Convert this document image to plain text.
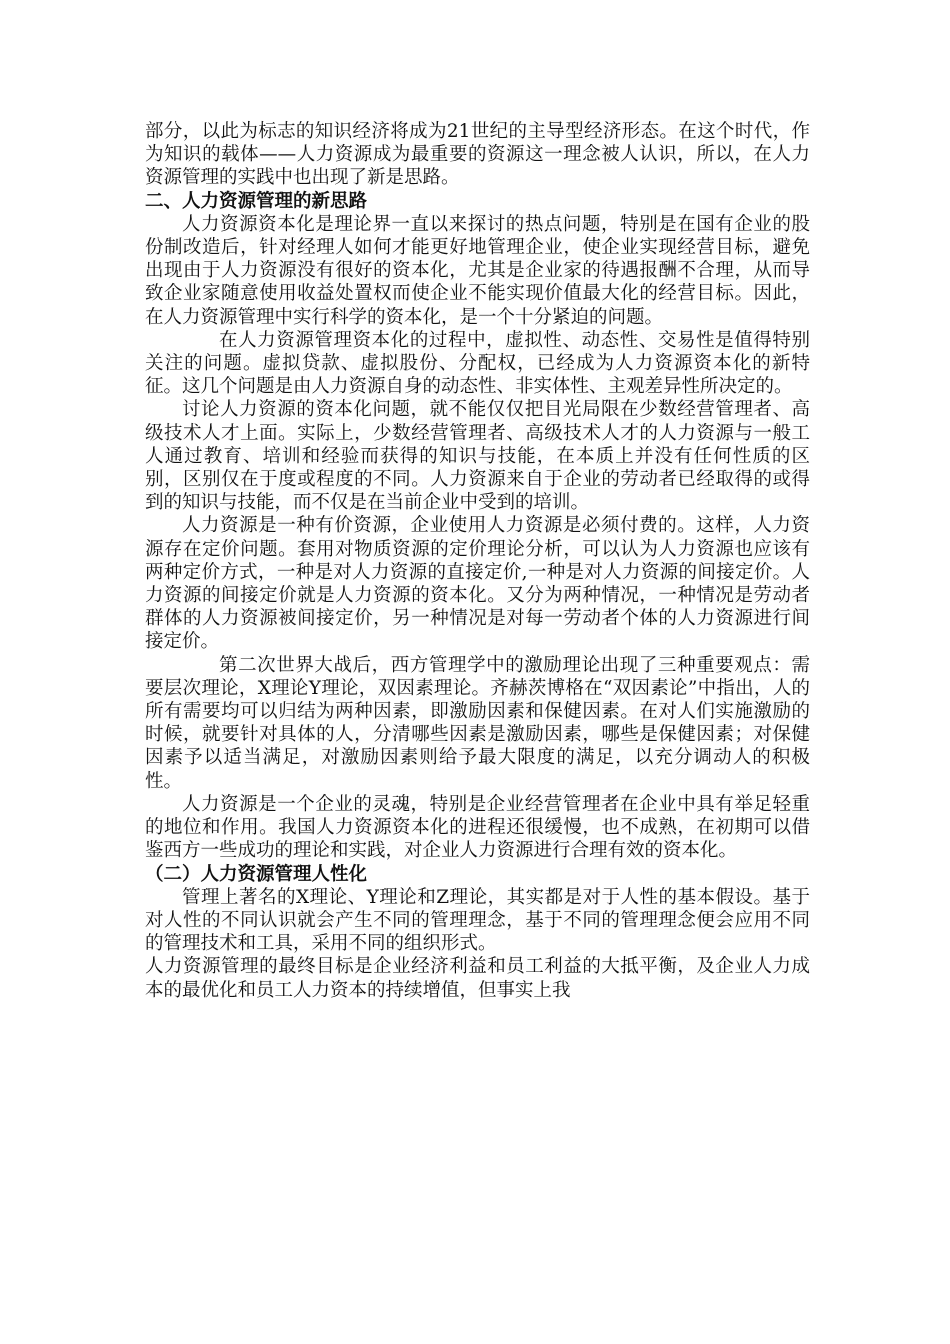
部分，以此为标志的知识经济将成为21世纪的主导型经济形态。在这个时代，作为知识的载体——人力资源成为最重要的资源这一理念被人认识，所以，在人力资源管理的实践中也出现了新是思路。

二、人力资源管理的新思路

人力资源资本化是理论界一直以来探讨的热点问题，特别是在国有企业的股份制改造后，针对经理人如何才能更好地管理企业，使企业实现经营目标，避免出现由于人力资源没有很好的资本化，尤其是企业家的待遇报酬不合理，从而导致企业家随意使用收益处置权而使企业不能实现价值最大化的经营目标。因此，在人力资源管理中实行科学的资本化，是一个十分紧迫的问题。

在人力资源管理资本化的过程中，虚拟性、动态性、交易性是值得特别关注的问题。虚拟贷款、虚拟股份、分配权，已经成为人力资源资本化的新特征。这几个问题是由人力资源自身的动态性、非实体性、主观差异性所决定的。

讨论人力资源的资本化问题，就不能仅仅把目光局限在少数经营管理者、高级技术人才上面。实际上，少数经营管理者、高级技术人才的人力资源与一般工人通过教育、培训和经验而获得的知识与技能，在本质上并没有任何性质的区别，区别仅在于度或程度的不同。人力资源来自于企业的劳动者已经取得的或得到的知识与技能，而不仅是在当前企业中受到的培训。

人力资源是一种有价资源，企业使用人力资源是必须付费的。这样，人力资源存在定价问题。套用对物质资源的定价理论分析，可以认为人力资源也应该有两种定价方式，一种是对人力资源的直接定价,一种是对人力资源的间接定价。人力资源的间接定价就是人力资源的资本化。又分为两种情况，一种情况是劳动者群体的人力资源被间接定价，另一种情况是对每一劳动者个体的人力资源进行间接定价。

第二次世界大战后，西方管理学中的激励理论出现了三种重要观点：需要层次理论，X理论Y理论，双因素理论。齐赫茨博格在“双因素论”中指出，人的所有需要均可以归结为两种因素，即激励因素和保健因素。在对人们实施激励的时候，就要针对具体的人，分清哪些因素是激励因素，哪些是保健因素；对保健因素予以适当满足，对激励因素则给予最大限度的满足，以充分调动人的积极性。

人力资源是一个企业的灵魂，特别是企业经营管理者在企业中具有举足轻重的地位和作用。我国人力资源资本化的进程还很缓慢，也不成熟，在初期可以借鉴西方一些成功的理论和实践，对企业人力资源进行合理有效的资本化。

（二）人力资源管理人性化

管理上著名的X理论、Y理论和Z理论，其实都是对于人性的基本假设。基于对人性的不同认识就会产生不同的管理理念，基于不同的管理理念便会应用不同的管理技术和工具，采用不同的组织形式。

人力资源管理的最终目标是企业经济利益和员工利益的大抵平衡，及企业人力成本的最优化和员工人力资本的持续增值，但事实上我
